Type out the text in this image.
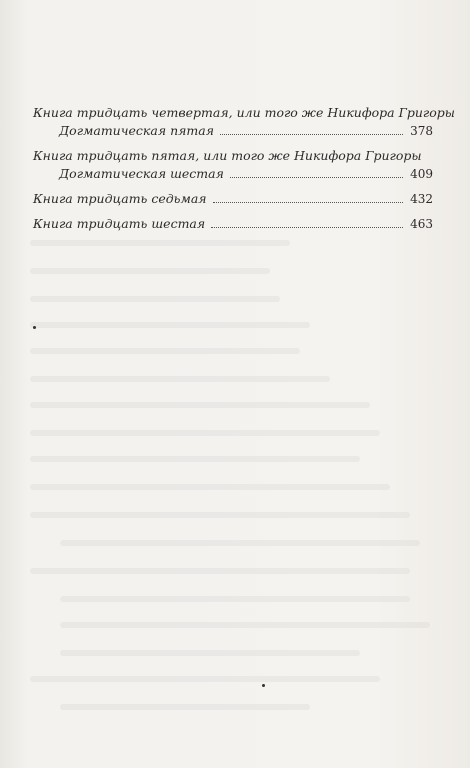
Книга тридцать четвертая, или того же Никифора Григоры
Догматическая пятая	378
Книга тридцать пятая, или того же Никифора Григоры
Догматическая шестая	409
Книга тридцать седьмая	432
Книга тридцать шестая	463
